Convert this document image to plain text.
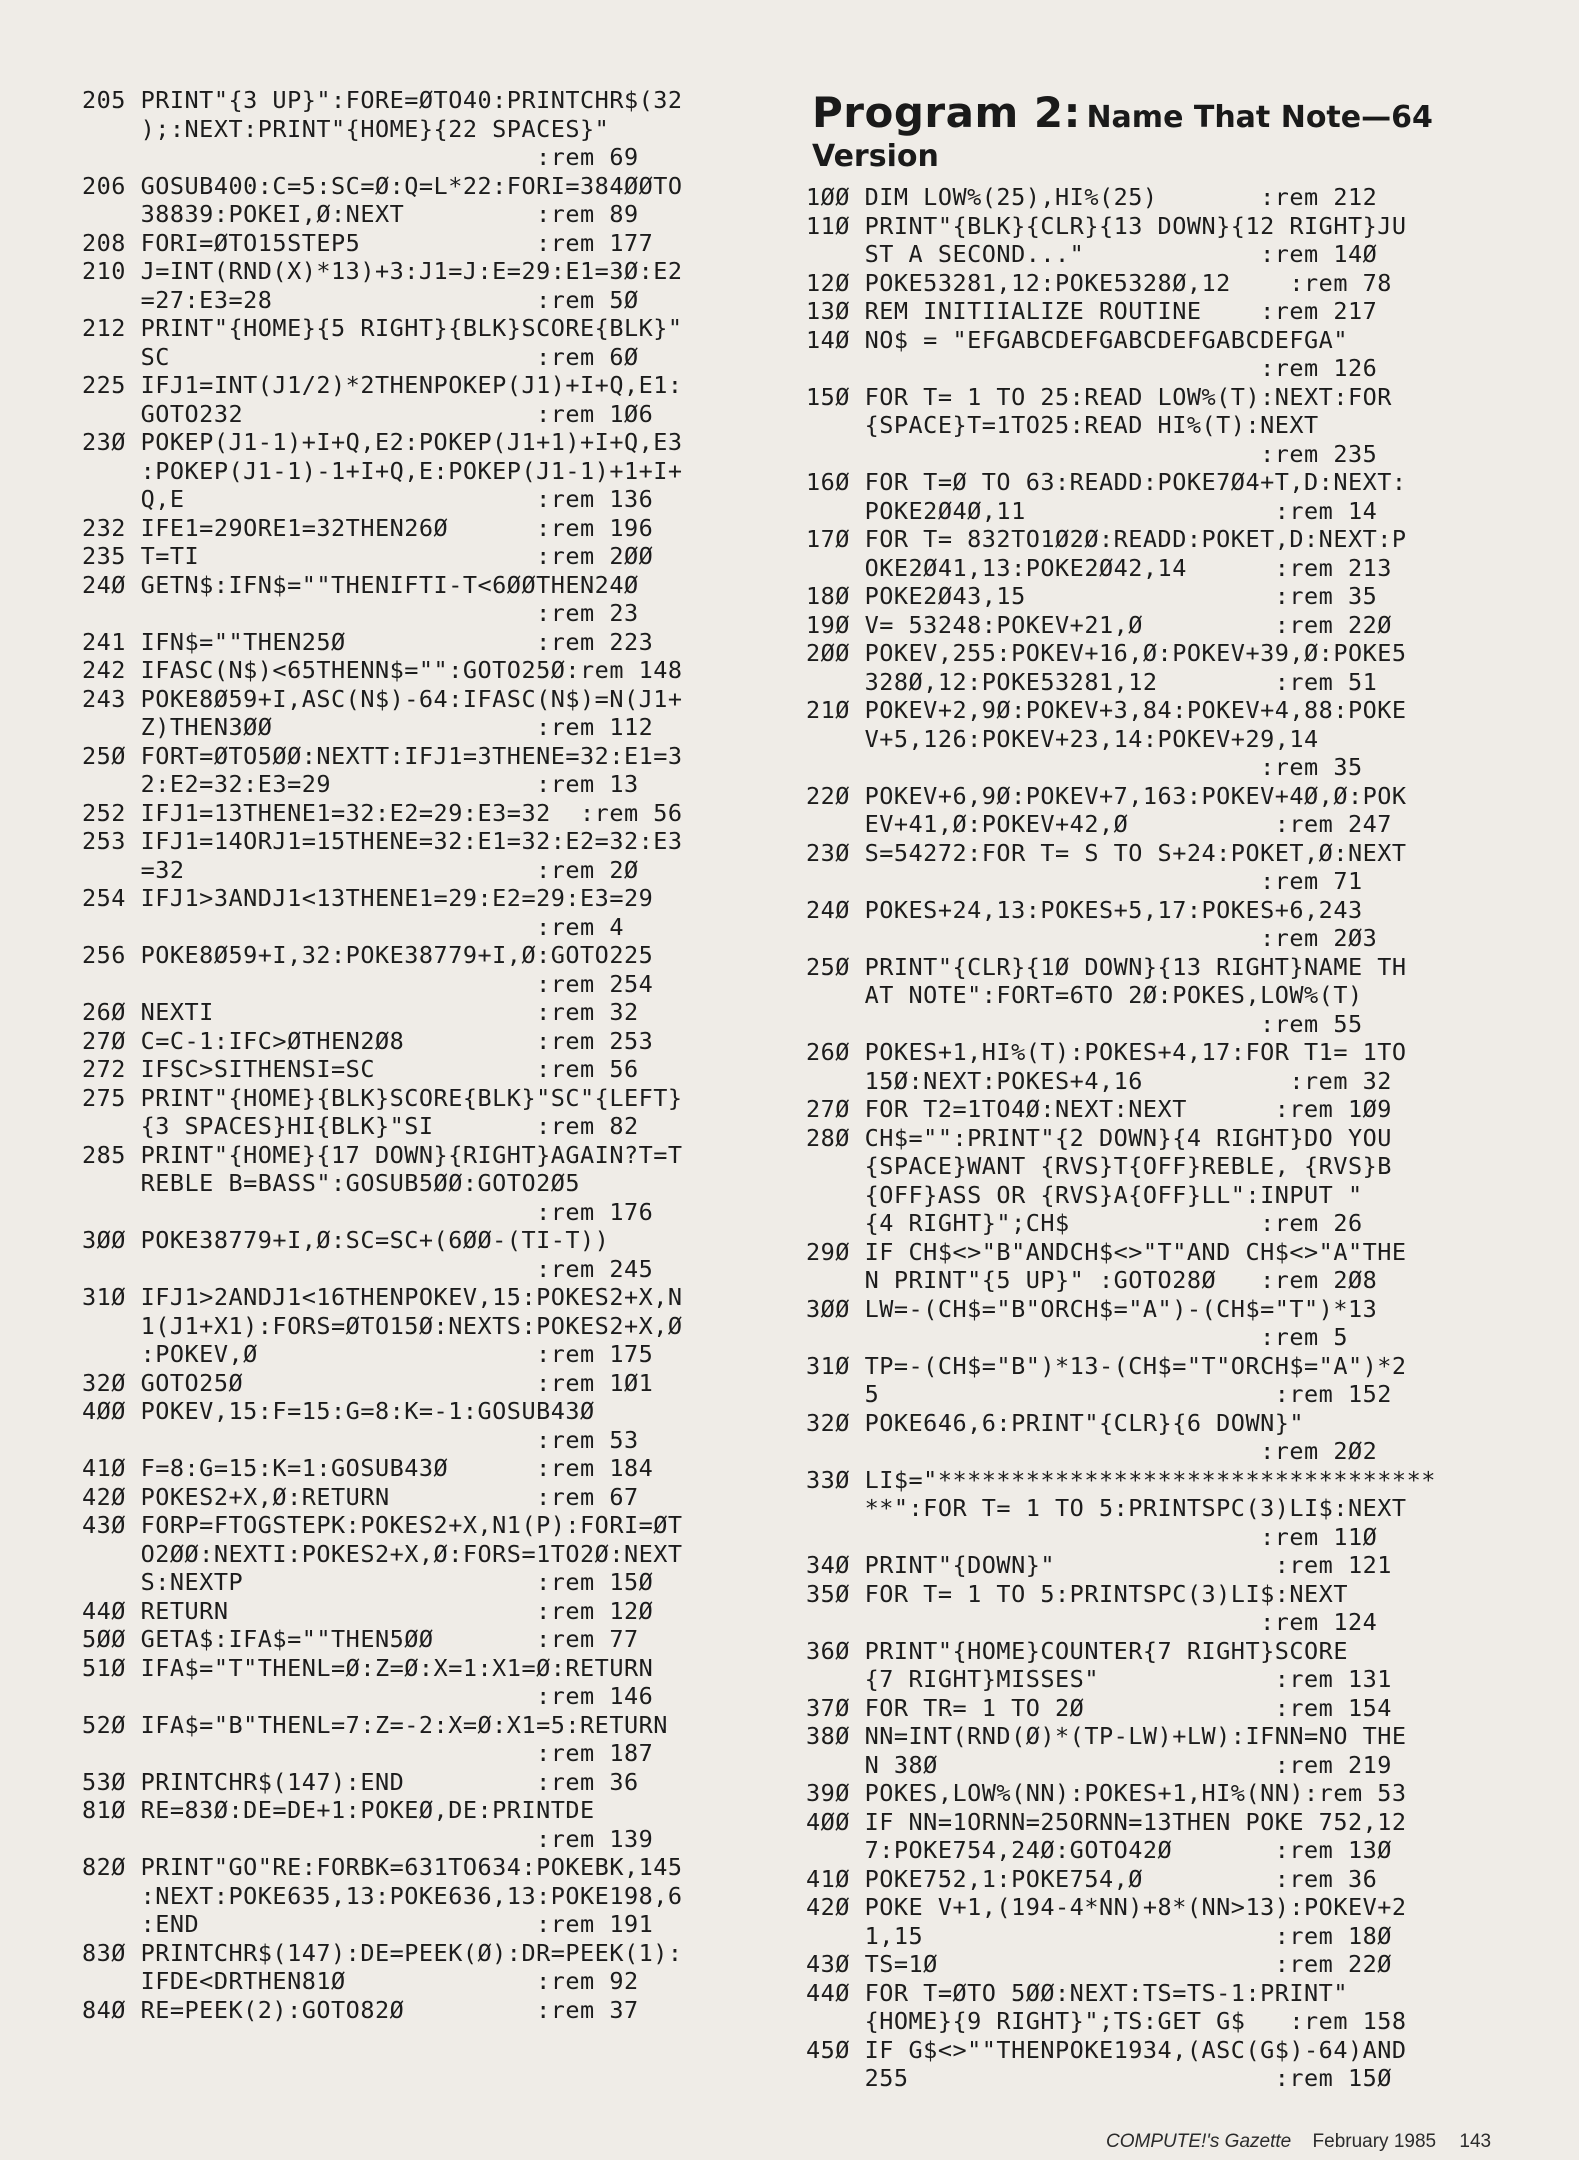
205 PRINT"{3 UP}":FORE=ØTO40:PRINTCHR$(32
);:NEXT:PRINT"{HOME}{22 SPACES}"
:rem 69
206 GOSUB400:C=5:SC=Ø:Q=L*22:FORI=384ØØTO
38839:POKEI,Ø:NEXT         :rem 89
208 FORI=ØTO15STEP5            :rem 177
210 J=INT(RND(X)*13)+3:J1=J:E=29:E1=3Ø:E2
=27:E3=28                  :rem 5Ø
212 PRINT"{HOME}{5 RIGHT}{BLK}SCORE{BLK}"
SC                         :rem 6Ø
225 IFJ1=INT(J1/2)*2THENPOKEP(J1)+I+Q,E1:
GOTO232                    :rem 1Ø6
23Ø POKEP(J1-1)+I+Q,E2:POKEP(J1+1)+I+Q,E3
:POKEP(J1-1)-1+I+Q,E:POKEP(J1-1)+1+I+
Q,E                        :rem 136
232 IFE1=29ORE1=32THEN26Ø      :rem 196
235 T=TI                       :rem 2ØØ
24Ø GETN$:IFN$=""THENIFTI-T<6ØØTHEN24Ø
:rem 23
241 IFN$=""THEN25Ø             :rem 223
242 IFASC(N$)<65THENN$="":GOTO25Ø:rem 148
243 POKE8Ø59+I,ASC(N$)-64:IFASC(N$)=N(J1+
Z)THEN3ØØ                  :rem 112
25Ø FORT=ØTO5ØØ:NEXTT:IFJ1=3THENE=32:E1=3
2:E2=32:E3=29              :rem 13
252 IFJ1=13THENE1=32:E2=29:E3=32  :rem 56
253 IFJ1=14ORJ1=15THENE=32:E1=32:E2=32:E3
=32                        :rem 2Ø
254 IFJ1>3ANDJ1<13THENE1=29:E2=29:E3=29
:rem 4
256 POKE8Ø59+I,32:POKE38779+I,Ø:GOTO225
:rem 254
26Ø NEXTI                      :rem 32
27Ø C=C-1:IFC>ØTHEN2Ø8         :rem 253
272 IFSC>SITHENSI=SC           :rem 56
275 PRINT"{HOME}{BLK}SCORE{BLK}"SC"{LEFT}
{3 SPACES}HI{BLK}"SI       :rem 82
285 PRINT"{HOME}{17 DOWN}{RIGHT}AGAIN?T=T
REBLE B=BASS":GOSUB5ØØ:GOTO2Ø5
:rem 176
3ØØ POKE38779+I,Ø:SC=SC+(6ØØ-(TI-T))
:rem 245
31Ø IFJ1>2ANDJ1<16THENPOKEV,15:POKES2+X,N
1(J1+X1):FORS=ØTO15Ø:NEXTS:POKES2+X,Ø
:POKEV,Ø                   :rem 175
32Ø GOTO25Ø                    :rem 1Ø1
4ØØ POKEV,15:F=15:G=8:K=-1:GOSUB43Ø
:rem 53
41Ø F=8:G=15:K=1:GOSUB43Ø      :rem 184
42Ø POKES2+X,Ø:RETURN          :rem 67
43Ø FORP=FTOGSTEPK:POKES2+X,N1(P):FORI=ØT
O2ØØ:NEXTI:POKES2+X,Ø:FORS=1TO2Ø:NEXT
S:NEXTP                    :rem 15Ø
44Ø RETURN                     :rem 12Ø
5ØØ GETA$:IFA$=""THEN5ØØ       :rem 77
51Ø IFA$="T"THENL=Ø:Z=Ø:X=1:X1=Ø:RETURN
:rem 146
52Ø IFA$="B"THENL=7:Z=-2:X=Ø:X1=5:RETURN
:rem 187
53Ø PRINTCHR$(147):END         :rem 36
81Ø RE=83Ø:DE=DE+1:POKEØ,DE:PRINTDE
:rem 139
82Ø PRINT"GO"RE:FORBK=631TO634:POKEBK,145
:NEXT:POKE635,13:POKE636,13:POKE198,6
:END                       :rem 191
83Ø PRINTCHR$(147):DE=PEEK(Ø):DR=PEEK(1):
IFDE<DRTHEN81Ø             :rem 92
84Ø RE=PEEK(2):GOTO82Ø         :rem 37
Program 2: Name That Note—64
Version
1ØØ DIM LOW%(25),HI%(25)       :rem 212
11Ø PRINT"{BLK}{CLR}{13 DOWN}{12 RIGHT}JU
ST A SECOND..."            :rem 14Ø
12Ø POKE53281,12:POKE5328Ø,12    :rem 78
13Ø REM INITIIALIZE ROUTINE    :rem 217
14Ø NO$ = "EFGABCDEFGABCDEFGABCDEFGA"
:rem 126
15Ø FOR T= 1 TO 25:READ LOW%(T):NEXT:FOR
{SPACE}T=1TO25:READ HI%(T):NEXT
:rem 235
16Ø FOR T=Ø TO 63:READD:POKE7Ø4+T,D:NEXT:
POKE2Ø4Ø,11                 :rem 14
17Ø FOR T= 832TO1Ø2Ø:READD:POKET,D:NEXT:P
OKE2Ø41,13:POKE2Ø42,14      :rem 213
18Ø POKE2Ø43,15                 :rem 35
19Ø V= 53248:POKEV+21,Ø         :rem 22Ø
2ØØ POKEV,255:POKEV+16,Ø:POKEV+39,Ø:POKE5
328Ø,12:POKE53281,12        :rem 51
21Ø POKEV+2,9Ø:POKEV+3,84:POKEV+4,88:POKE
V+5,126:POKEV+23,14:POKEV+29,14
:rem 35
22Ø POKEV+6,9Ø:POKEV+7,163:POKEV+4Ø,Ø:POK
EV+41,Ø:POKEV+42,Ø          :rem 247
23Ø S=54272:FOR T= S TO S+24:POKET,Ø:NEXT
:rem 71
24Ø POKES+24,13:POKES+5,17:POKES+6,243
:rem 2Ø3
25Ø PRINT"{CLR}{1Ø DOWN}{13 RIGHT}NAME TH
AT NOTE":FORT=6TO 2Ø:POKES,LOW%(T)
:rem 55
26Ø POKES+1,HI%(T):POKES+4,17:FOR T1= 1TO
15Ø:NEXT:POKES+4,16          :rem 32
27Ø FOR T2=1TO4Ø:NEXT:NEXT      :rem 1Ø9
28Ø CH$="":PRINT"{2 DOWN}{4 RIGHT}DO YOU
{SPACE}WANT {RVS}T{OFF}REBLE, {RVS}B
{OFF}ASS OR {RVS}A{OFF}LL":INPUT "
{4 RIGHT}";CH$             :rem 26
29Ø IF CH$<>"B"ANDCH$<>"T"AND CH$<>"A"THE
N PRINT"{5 UP}" :GOTO28Ø   :rem 2Ø8
3ØØ LW=-(CH$="B"ORCH$="A")-(CH$="T")*13
:rem 5
31Ø TP=-(CH$="B")*13-(CH$="T"ORCH$="A")*2
5                           :rem 152
32Ø POKE646,6:PRINT"{CLR}{6 DOWN}"
:rem 2Ø2
33Ø LI$="**********************************
**":FOR T= 1 TO 5:PRINTSPC(3)LI$:NEXT
:rem 11Ø
34Ø PRINT"{DOWN}"               :rem 121
35Ø FOR T= 1 TO 5:PRINTSPC(3)LI$:NEXT
:rem 124
36Ø PRINT"{HOME}COUNTER{7 RIGHT}SCORE
{7 RIGHT}MISSES"            :rem 131
37Ø FOR TR= 1 TO 2Ø             :rem 154
38Ø NN=INT(RND(Ø)*(TP-LW)+LW):IFNN=NO THE
N 38Ø                       :rem 219
39Ø POKES,LOW%(NN):POKES+1,HI%(NN):rem 53
4ØØ IF NN=1ORNN=25ORNN=13THEN POKE 752,12
7:POKE754,24Ø:GOTO42Ø       :rem 13Ø
41Ø POKE752,1:POKE754,Ø         :rem 36
42Ø POKE V+1,(194-4*NN)+8*(NN>13):POKEV+2
1,15                        :rem 18Ø
43Ø TS=1Ø                       :rem 22Ø
44Ø FOR T=ØTO 5ØØ:NEXT:TS=TS-1:PRINT"
{HOME}{9 RIGHT}";TS:GET G$   :rem 158
45Ø IF G$<>""THENPOKE1934,(ASC(G$)-64)AND
255                         :rem 15Ø
COMPUTE!'s Gazette February 1985 143
